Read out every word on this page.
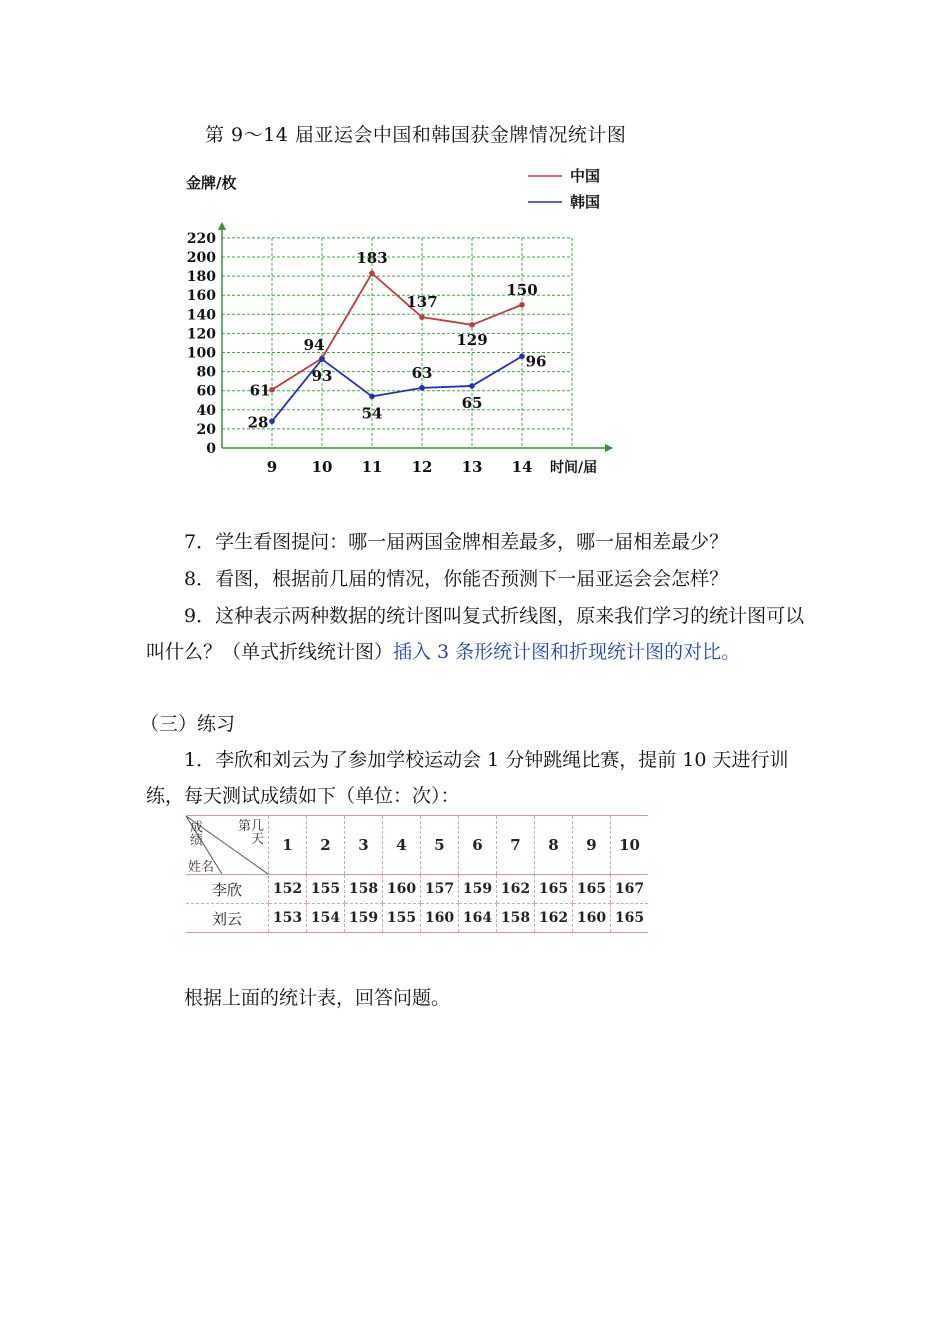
第 9～14 届亚运会中国和韩国获金牌情况统计图
220
200
180
160
140
120
100
80
60
40
20
0
9 10 11 12 13 14
金牌/枚
时间/届
中国
韩国
61
94
183
137
129
150
28
93
54
63
65
96
7．学生看图提问：哪一届两国金牌相差最多，哪一届相差最少？
8．看图，根据前几届的情况，你能否预测下一届亚运会会怎样？
9．这种表示两种数据的统计图叫复式折线图，原来我们学习的统计图可以叫什么？（单式折线统计图）插入 3 条形统计图和折现统计图的对比。
（三）练习
1．李欣和刘云为了参加学校运动会 1 分钟跳绳比赛，提前 10 天进行训练，每天测试成绩如下（单位：次）：
第几天
成绩
姓名	1	2	3	4	5	6	7	8	9	10
李欣	152	155	158	160	157	159	162	165	165	167
刘云	153	154	159	155	160	164	158	162	160	165
根据上面的统计表，回答问题。
